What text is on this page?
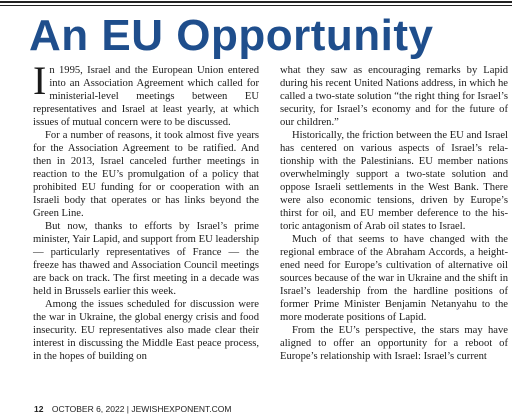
An EU Opportunity

In 1995, Israel and the European Union entered into an Association Agreement which called for ministerial-level meetings between EU representatives and Israel at least yearly, at which issues of mutual concern were to be discussed.

For a number of reasons, it took almost five years for the Association Agreement to be ratified. And then in 2013, Israel canceled further meetings in reaction to the EU’s promulgation of a policy that prohibited EU funding for or cooperation with an Israeli body that operates or has links beyond the Green Line.

But now, thanks to efforts by Israel’s prime minister, Yair Lapid, and support from EU leadership — particularly representatives of France — the freeze has thawed and Association Council meetings are back on track. The first meeting in a decade was held in Brussels earlier this week.

Among the issues scheduled for discussion were the war in Ukraine, the global energy crisis and food insecurity. EU representatives also made clear their interest in discussing the Middle East peace process, in the hopes of building on

what they saw as encouraging remarks by Lapid during his recent United Nations address, in which he called a two-state solution “the right thing for Israel’s security, for Israel’s economy and for the future of our children.”

Historically, the friction between the EU and Israel has centered on various aspects of Israel’s relationship with the Palestinians. EU member nations overwhelmingly support a two-state solution and oppose Israeli settlements in the West Bank. There were also economic tensions, driven by Europe’s thirst for oil, and EU member deference to the historic antagonism of Arab oil states to Israel.

Much of that seems to have changed with the regional embrace of the Abraham Accords, a heightened need for Europe’s cultivation of alternative oil sources because of the war in Ukraine and the shift in Israel’s leadership from the hardline positions of former Prime Minister Benjamin Netanyahu to the more moderate positions of Lapid.

From the EU’s perspective, the stars may have aligned to offer an opportunity for a reboot of Europe’s relationship with Israel: Israel’s current

12 OCTOBER 6, 2022 | JEWISHEXPONENT.COM
